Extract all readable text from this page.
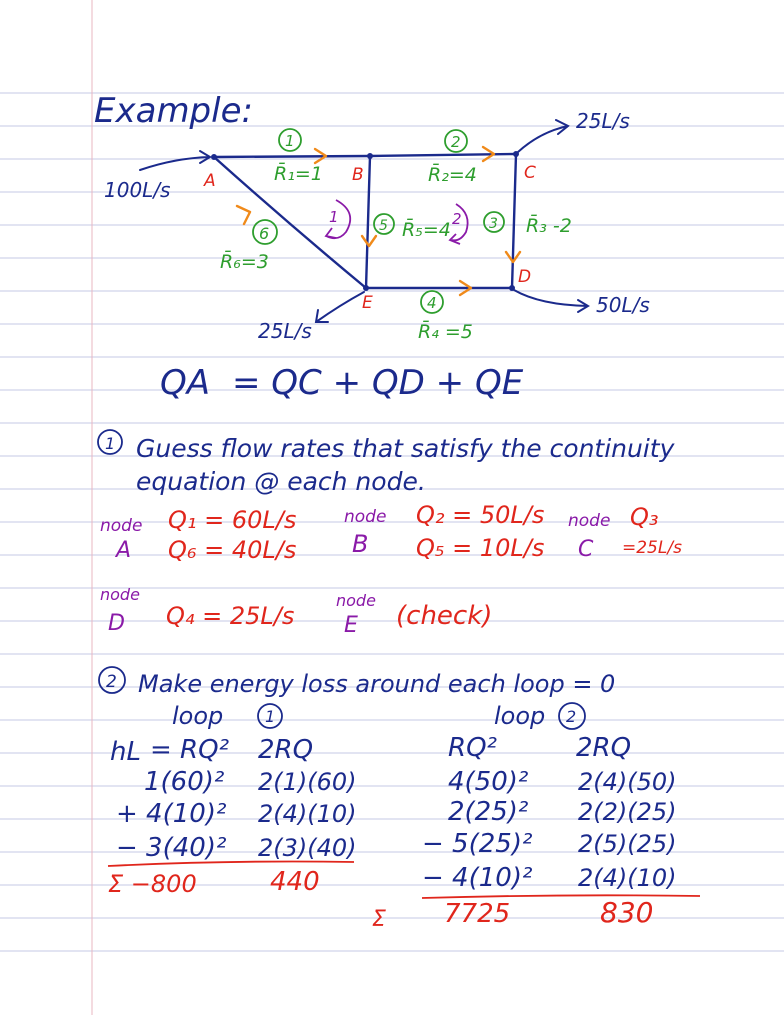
Example:
100L/s
25L/s
50L/s
25L/s
A	B	C
D
E
1
R̄₁=1
2
R̄₂=4
3 R̄₃ -2
4
R̄₄ =5
5 R̄₅=4
6
R̄₆=3
1	2
QA = QC + QD + QE
1 Guess flow rates that satisfy the continuity
equation @ each node.
node
A
Q₁ = 60L/s
Q₆ = 40L/s
node
B
Q₂ = 50L/s
Q₅ = 10L/s
node
C
Q₃
=25L/s
node
D Q₄ = 25L/s
node
E (check)
2 Make energy loss around each loop = 0
loop	1
hL = RQ² 2RQ
1(60)² 2(1)(60)
+ 4(10)² 2(4)(10)
− 3(40)² 2(3)(40)
Σ −800	440
loop 2
RQ²	2RQ
4(50)² 2(4)(50)
2(25)² 2(2)(25)
− 5(25)² 2(5)(25)
− 4(10)² 2(4)(10)
Σ 7725	830
